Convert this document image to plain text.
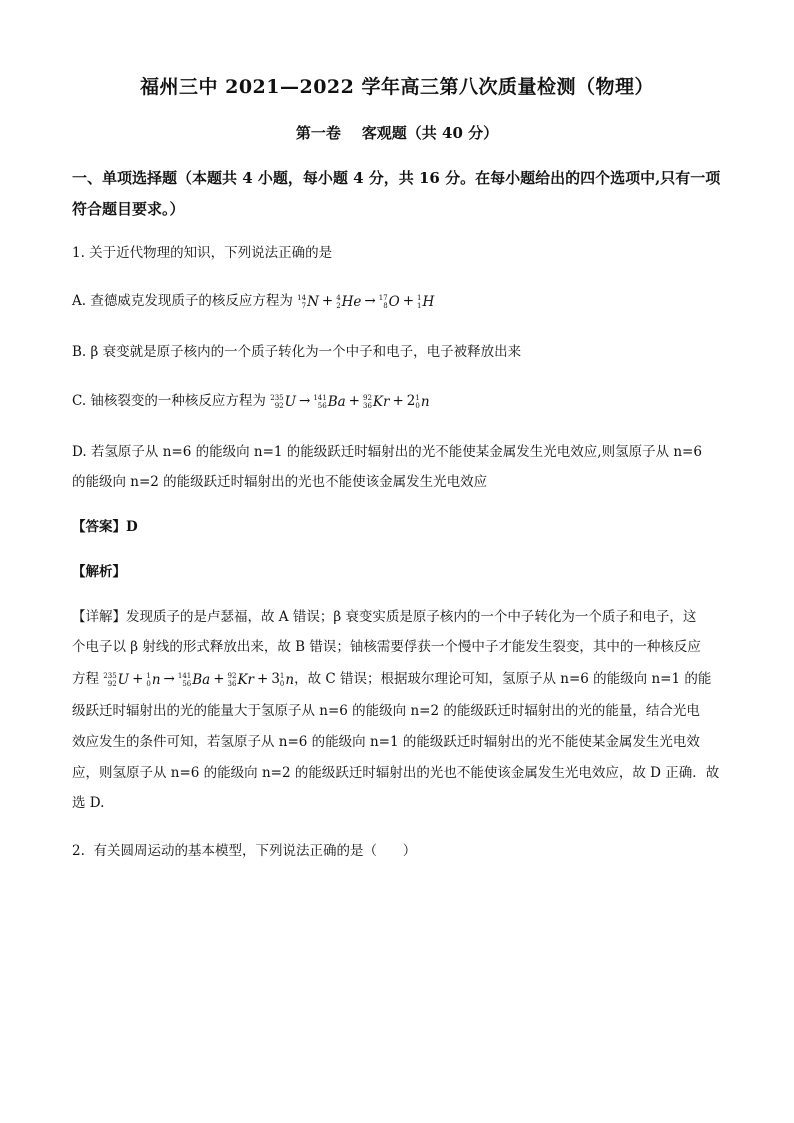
福州三中 2021—2022 学年高三第八次质量检测（物理）
第一卷    客观题（共 40 分）
一、单项选择题（本题共 4 小题，每小题 4 分，共 16 分。在每小题给出的四个选项中,只有一项符合题目要求。）
1. 关于近代物理的知识，下列说法正确的是
A. 查德威克发现质子的核反应方程为 14
7 N + 4
2 He → 17
8 O + 1
1 H
B. β 衰变就是原子核内的一个质子转化为一个中子和电子，电子被释放出来
C. 铀核裂变的一种核反应方程为 235
92 U → 141
56 Ba + 92
36 Kr + 2 1
0 n
D. 若氢原子从 n=6 的能级向 n=1 的能级跃迁时辐射出的光不能使某金属发生光电效应,则氢原子从 n=6
的能级向 n=2 的能级跃迁时辐射出的光也不能使该金属发生光电效应
【答案】D
【解析】
【详解】发现质子的是卢瑟福，故 A 错误；β 衰变实质是原子核内的一个中子转化为一个质子和电子，这
个电子以 β 射线的形式释放出来，故 B 错误；铀核需要俘获一个慢中子才能发生裂变，其中的一种核反应
方程 235
92 U + 1
0 n → 141
56 Ba + 92
36 Kr + 3 1
0 n，故 C 错误；根据玻尔理论可知，氢原子从 n=6 的能级向 n=1 的能
级跃迁时辐射出的光的能量大于氢原子从 n=6 的能级向 n=2 的能级跃迁时辐射出的光的能量，结合光电
效应发生的条件可知，若氢原子从 n=6 的能级向 n=1 的能级跃迁时辐射出的光不能使某金属发生光电效
应，则氢原子从 n=6 的能级向 n=2 的能级跃迁时辐射出的光也不能使该金属发生光电效应，故 D 正确．故
选 D.
2.  有关圆周运动的基本模型，下列说法正确的是（      ）
